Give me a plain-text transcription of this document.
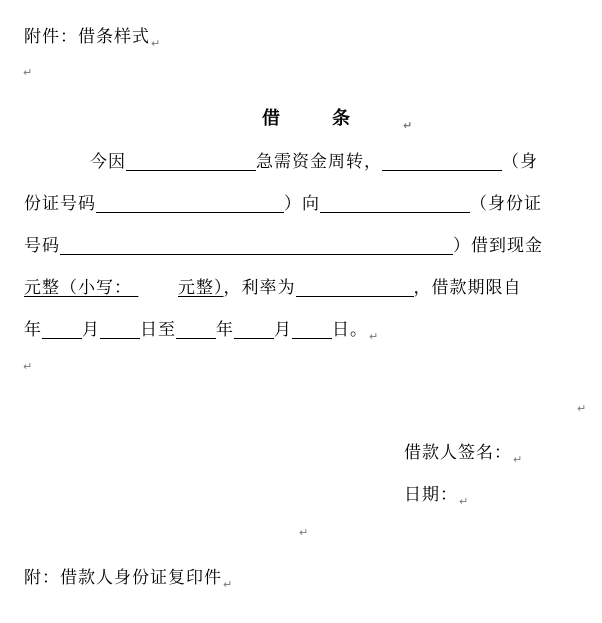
附件：借条样式$_↵$
↵
借条$_↵$
今因	急需资金周转，	（身
份证号码	）向	（身份证
号码	）借到现金
元整（小写：	元整），利率为	，借款期限自
年 月 日至 年 月 日。$_↵$
↵
↵
借款人签名：$_↵$
日期：$_↵$
↵
附：借款人身份证复印件$_↵$
